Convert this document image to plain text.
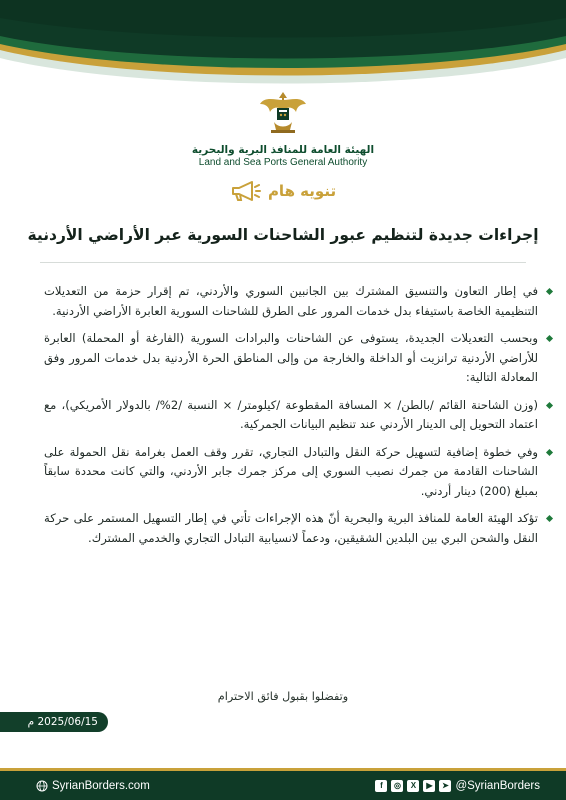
الهيئة العامة للمنافذ البرية والبحرية
Land and Sea Ports General Authority
تنويه هام
إجراءات جديدة لتنظيم عبور الشاحنات السورية عبر الأراضي الأردنية
في إطار التعاون والتنسيق المشترك بين الجانبين السوري والأردني، تم إقرار حزمة من التعديلات التنظيمية الخاصة باستيفاء بدل خدمات المرور على الطرق للشاحنات السورية العابرة الأراضي الأردنية.
وبحسب التعديلات الجديدة، يستوفى عن الشاحنات والبرادات السورية (الفارغة أو المحملة) العابرة للأراضي الأردنية ترانزيت أو الداخلة والخارجة من وإلى المناطق الحرة الأردنية بدل خدمات المرور وفق المعادلة التالية:
(وزن الشاحنة القائم /بالطن/ × المسافة المقطوعة /كيلومتر/ × النسبة /2%/ بالدولار الأمريكي)، مع اعتماد التحويل إلى الدينار الأردني عند تنظيم البيانات الجمركية.
وفي خطوة إضافية لتسهيل حركة النقل والتبادل التجاري، تقرر وقف العمل بغرامة نقل الحمولة على الشاحنات القادمة من جمرك نصيب السوري إلى مركز جمرك جابر الأردني، والتي كانت محددة سابقاً بمبلغ (200) دينار أردني.
تؤكد الهيئة العامة للمنافذ البرية والبحرية أنّ هذه الإجراءات تأتي في إطار التسهيل المستمر على حركة النقل والشحن البري بين البلدين الشقيقين، ودعماً لانسيابية التبادل التجاري والخدمي المشترك.
وتفضلوا بقبول فائق الاحترام
2025/06/15 م
SyrianBorders.com	f	◎	X	▶	➤ @SyrianBorders
